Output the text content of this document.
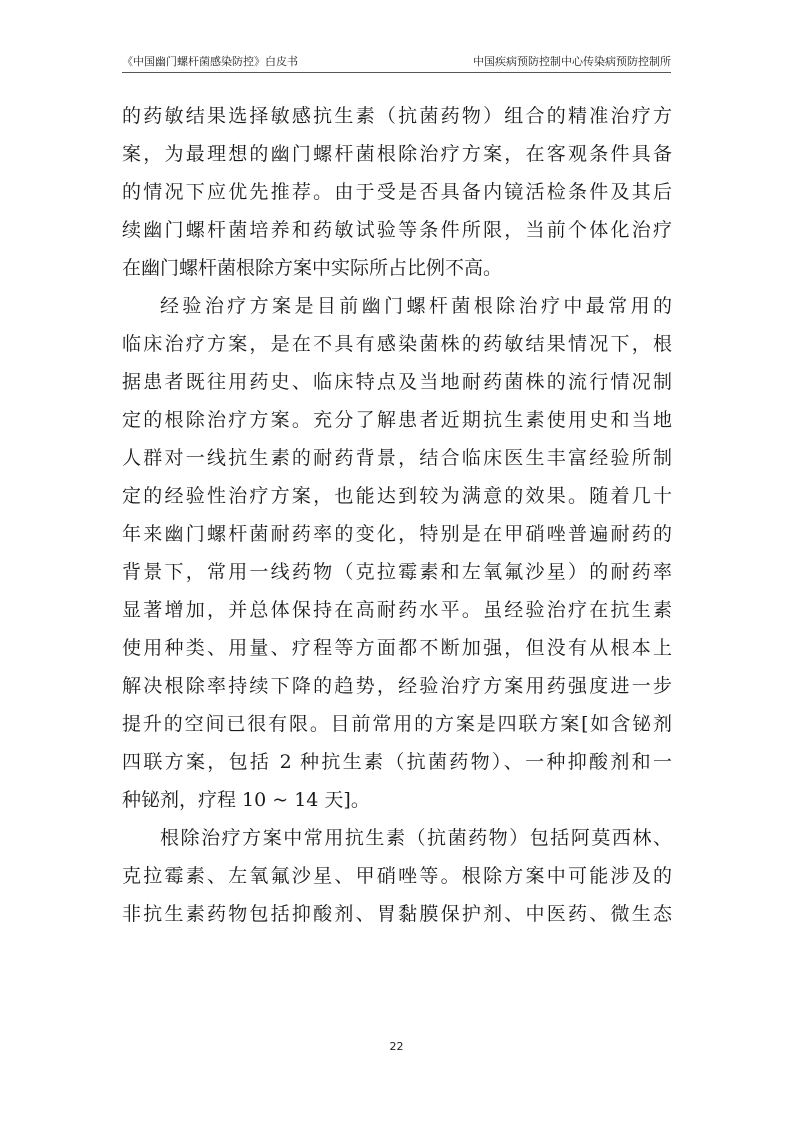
《中国幽门螺杆菌感染防控》白皮书	中国疾病预防控制中心传染病预防控制所
的药敏结果选择敏感抗生素（抗菌药物）组合的精准治疗方
案，为最理想的幽门螺杆菌根除治疗方案，在客观条件具备
的情况下应优先推荐。由于受是否具备内镜活检条件及其后
续幽门螺杆菌培养和药敏试验等条件所限，当前个体化治疗
在幽门螺杆菌根除方案中实际所占比例不高。
经验治疗方案是目前幽门螺杆菌根除治疗中最常用的
临床治疗方案，是在不具有感染菌株的药敏结果情况下，根
据患者既往用药史、临床特点及当地耐药菌株的流行情况制
定的根除治疗方案。充分了解患者近期抗生素使用史和当地
人群对一线抗生素的耐药背景，结合临床医生丰富经验所制
定的经验性治疗方案，也能达到较为满意的效果。随着几十
年来幽门螺杆菌耐药率的变化，特别是在甲硝唑普遍耐药的
背景下，常用一线药物（克拉霉素和左氧氟沙星）的耐药率
显著增加，并总体保持在高耐药水平。虽经验治疗在抗生素
使用种类、用量、疗程等方面都不断加强，但没有从根本上
解决根除率持续下降的趋势，经验治疗方案用药强度进一步
提升的空间已很有限。目前常用的方案是四联方案[如含铋剂
四联方案，包括 2 种抗生素（抗菌药物）、一种抑酸剂和一
种铋剂，疗程 10 ~ 14 天]。
根除治疗方案中常用抗生素（抗菌药物）包括阿莫西林、
克拉霉素、左氧氟沙星、甲硝唑等。根除方案中可能涉及的
非抗生素药物包括抑酸剂、胃黏膜保护剂、中医药、微生态
22
